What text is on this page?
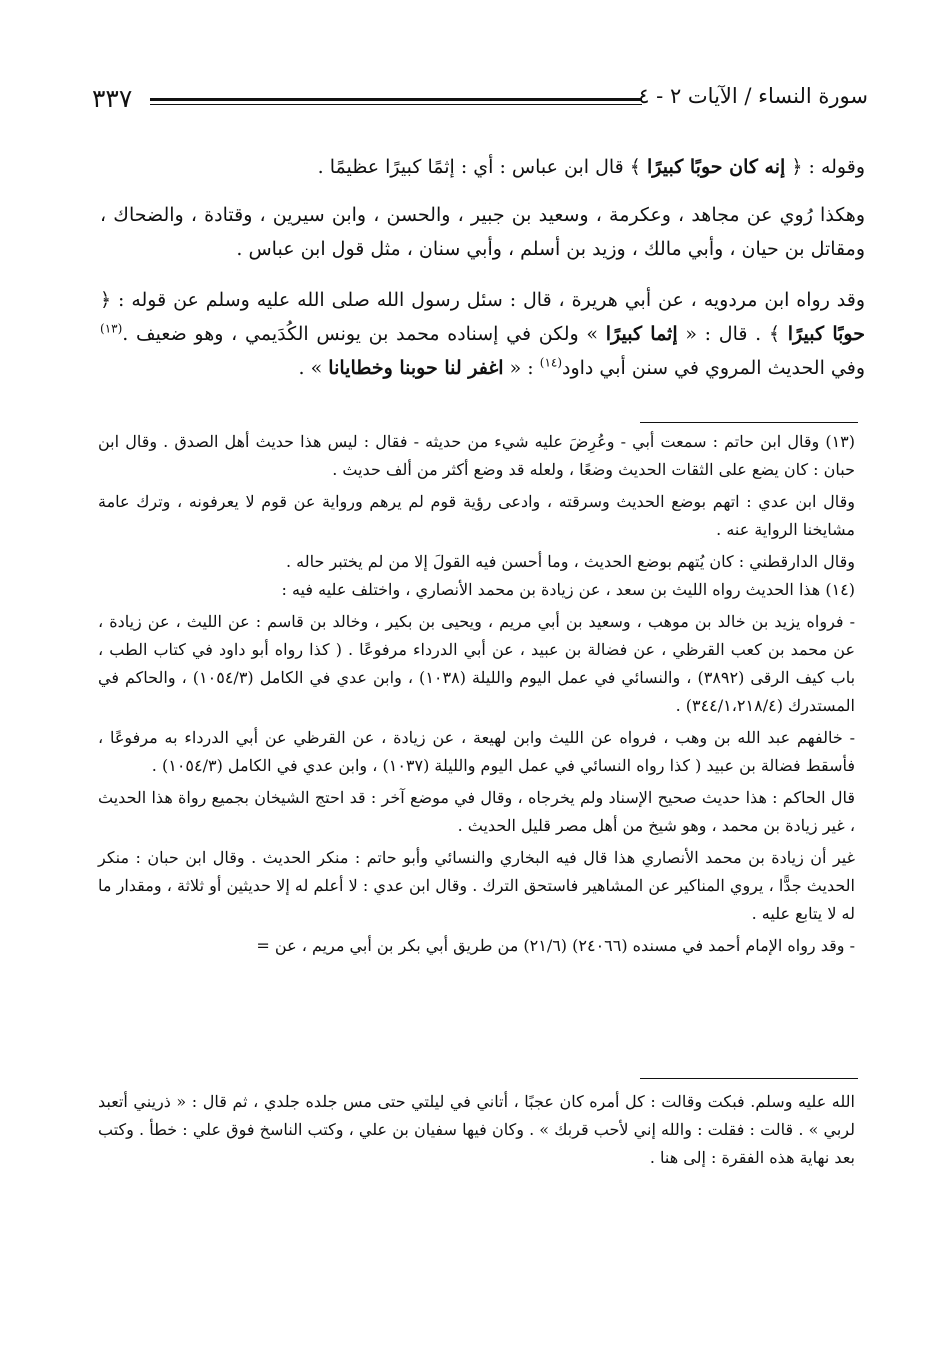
٣٣٧	سورة النساء / الآيات ٢ - ٤

وقوله : ﴿ إنه كان حوبًا كبيرًا ﴾ قال ابن عباس : أي : إثمًا كبيرًا عظيمًا .

وهكذا رُوي عن مجاهد ، وعكرمة ، وسعيد بن جبير ، والحسن ، وابن سيرين ، وقتادة ، والضحاك ، ومقاتل بن حيان ، وأبي مالك ، وزيد بن أسلم ، وأبي سنان ، مثل قول ابن عباس .

وقد رواه ابن مردويه ، عن أبي هريرة ، قال : سئل رسول الله صلى الله عليه وسلم عن قوله : ﴿ حوبًا كبيرًا ﴾ . قال : « إثما كبيرًا » ولكن في إسناده محمد بن يونس الكُدَيمي ، وهو ضعيف .$^{(١٣)}$ وفي الحديث المروي في سنن أبي داود$^{(١٤)}$ : « اغفر لنا حوبنا وخطايانا » .

(١٣) وقال ابن حاتم : سمعت أبي - وعُرِضَ عليه شيء من حديثه - فقال : ليس هذا حديث أهل الصدق . وقال ابن حبان : كان يضع على الثقات الحديث وضعًا ، ولعله قد وضع أكثر من ألف حديث .

وقال ابن عدي : اتهم بوضع الحديث وسرقته ، وادعى رؤية قوم لم يرهم ورواية عن قوم لا يعرفونه ، وترك عامة مشايخنا الرواية عنه .

وقال الدارقطني : كان يُتهم بوضع الحديث ، وما أحسن فيه القولَ إلا من لم يختبر حاله .

(١٤) هذا الحديث رواه الليث بن سعد ، عن زيادة بن محمد الأنصاري ، واختلف عليه فيه :

- فرواه يزيد بن خالد بن موهب ، وسعيد بن أبي مريم ، ويحيى بن بكير ، وخالد بن قاسم : عن الليث ، عن زيادة ، عن محمد بن كعب القرظي ، عن فضالة بن عبيد ، عن أبي الدرداء مرفوعًا . ( كذا رواه أبو داود في كتاب الطب ، باب كيف الرقى (٣٨٩٢) ، والنسائي في عمل اليوم والليلة (١٠٣٨) ، وابن عدي في الكامل (١٠٥٤/٣) ، والحاكم في المستدرك (٣٤٤/١،٢١٨/٤) .

- خالفهم عبد الله بن وهب ، فرواه عن الليث وابن لهيعة ، عن زيادة ، عن القرظي عن أبي الدرداء به مرفوعًا ، فأسقط فضالة بن عبيد ( كذا رواه النسائي في عمل اليوم والليلة (١٠٣٧) ، وابن عدي في الكامل (١٠٥٤/٣) .

قال الحاكم : هذا حديث صحيح الإسناد ولم يخرجاه ، وقال في موضع آخر : قد احتج الشيخان بجميع رواة هذا الحديث ، غير زيادة بن محمد ، وهو شيخ من أهل مصر قليل الحديث .

غير أن زيادة بن محمد الأنصاري هذا قال فيه البخاري والنسائي وأبو حاتم : منكر الحديث . وقال ابن حبان : منكر الحديث جدًّا ، يروي المناكير عن المشاهير فاستحق الترك . وقال ابن عدي : لا أعلم له إلا حديثين أو ثلاثة ، ومقدار ما له لا يتابع عليه .

- وقد رواه الإمام أحمد في مسنده (٢٤٠٦٦) (٢١/٦) من طريق أبي بكر بن أبي مريم ، عن =

الله عليه وسلم. فبكت وقالت : كل أمره كان عجبًا ، أتاني في ليلتي حتى مس جلده جلدي ، ثم قال : « ذريني أتعبد لربي » . قالت : فقلت : والله إني لأحب قربك » . وكان فيها سفيان بن علي ، وكتب الناسخ فوق علي : خطأ . وكتب بعد نهاية هذه الفقرة : إلى هنا .
